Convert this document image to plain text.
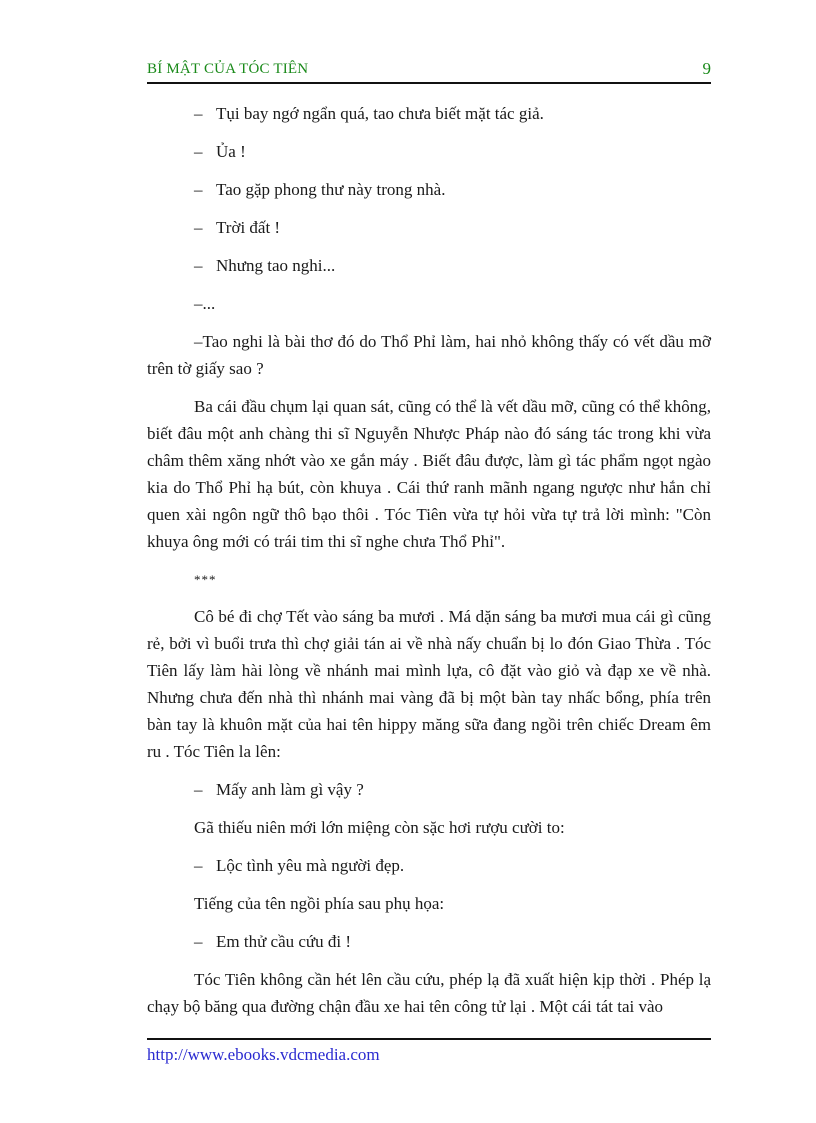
BÍ MẬT CỦA TÓC TIÊN	9
– Tụi bay ngớ ngẩn quá, tao chưa biết mặt tác giả.
– Ủa !
– Tao gặp phong thư này trong nhà.
– Trời đất !
– Nhưng tao nghi...
–...

–Tao nghi là bài thơ đó do Thổ Phỉ làm, hai nhỏ không thấy có vết dầu mỡ trên tờ giấy sao ?

Ba cái đầu chụm lại quan sát, cũng có thể là vết dầu mỡ, cũng có thể không, biết đâu một anh chàng thi sĩ Nguyễn Nhược Pháp nào đó sáng tác trong khi vừa châm thêm xăng nhớt vào xe gắn máy . Biết đâu được, làm gì tác phẩm ngọt ngào kia do Thổ Phỉ hạ bút, còn khuya . Cái thứ ranh mãnh ngang ngược như hắn chỉ quen xài ngôn ngữ thô bạo thôi . Tóc Tiên vừa tự hỏi vừa tự trả lời mình: "Còn khuya ông mới có trái tim thi sĩ nghe chưa Thổ Phỉ".

***

Cô bé đi chợ Tết vào sáng ba mươi . Má dặn sáng ba mươi mua cái gì cũng rẻ, bởi vì buổi trưa thì chợ giải tán ai về nhà nấy chuẩn bị lo đón Giao Thừa . Tóc Tiên lấy làm hài lòng về nhánh mai mình lựa, cô đặt vào giỏ và đạp xe về nhà. Nhưng chưa đến nhà thì nhánh mai vàng đã bị một bàn tay nhấc bổng, phía trên bàn tay là khuôn mặt của hai tên hippy măng sữa đang ngồi trên chiếc Dream êm ru . Tóc Tiên la lên:

– Mấy anh làm gì vậy ?

Gã thiếu niên mới lớn miệng còn sặc hơi rượu cười to:

– Lộc tình yêu mà người đẹp.

Tiếng của tên ngồi phía sau phụ họa:

– Em thử cầu cứu đi !

Tóc Tiên không cần hét lên cầu cứu, phép lạ đã xuất hiện kịp thời . Phép lạ chạy bộ băng qua đường chận đầu xe hai tên công tử lại . Một cái tát tai vào

http://www.ebooks.vdcmedia.com
